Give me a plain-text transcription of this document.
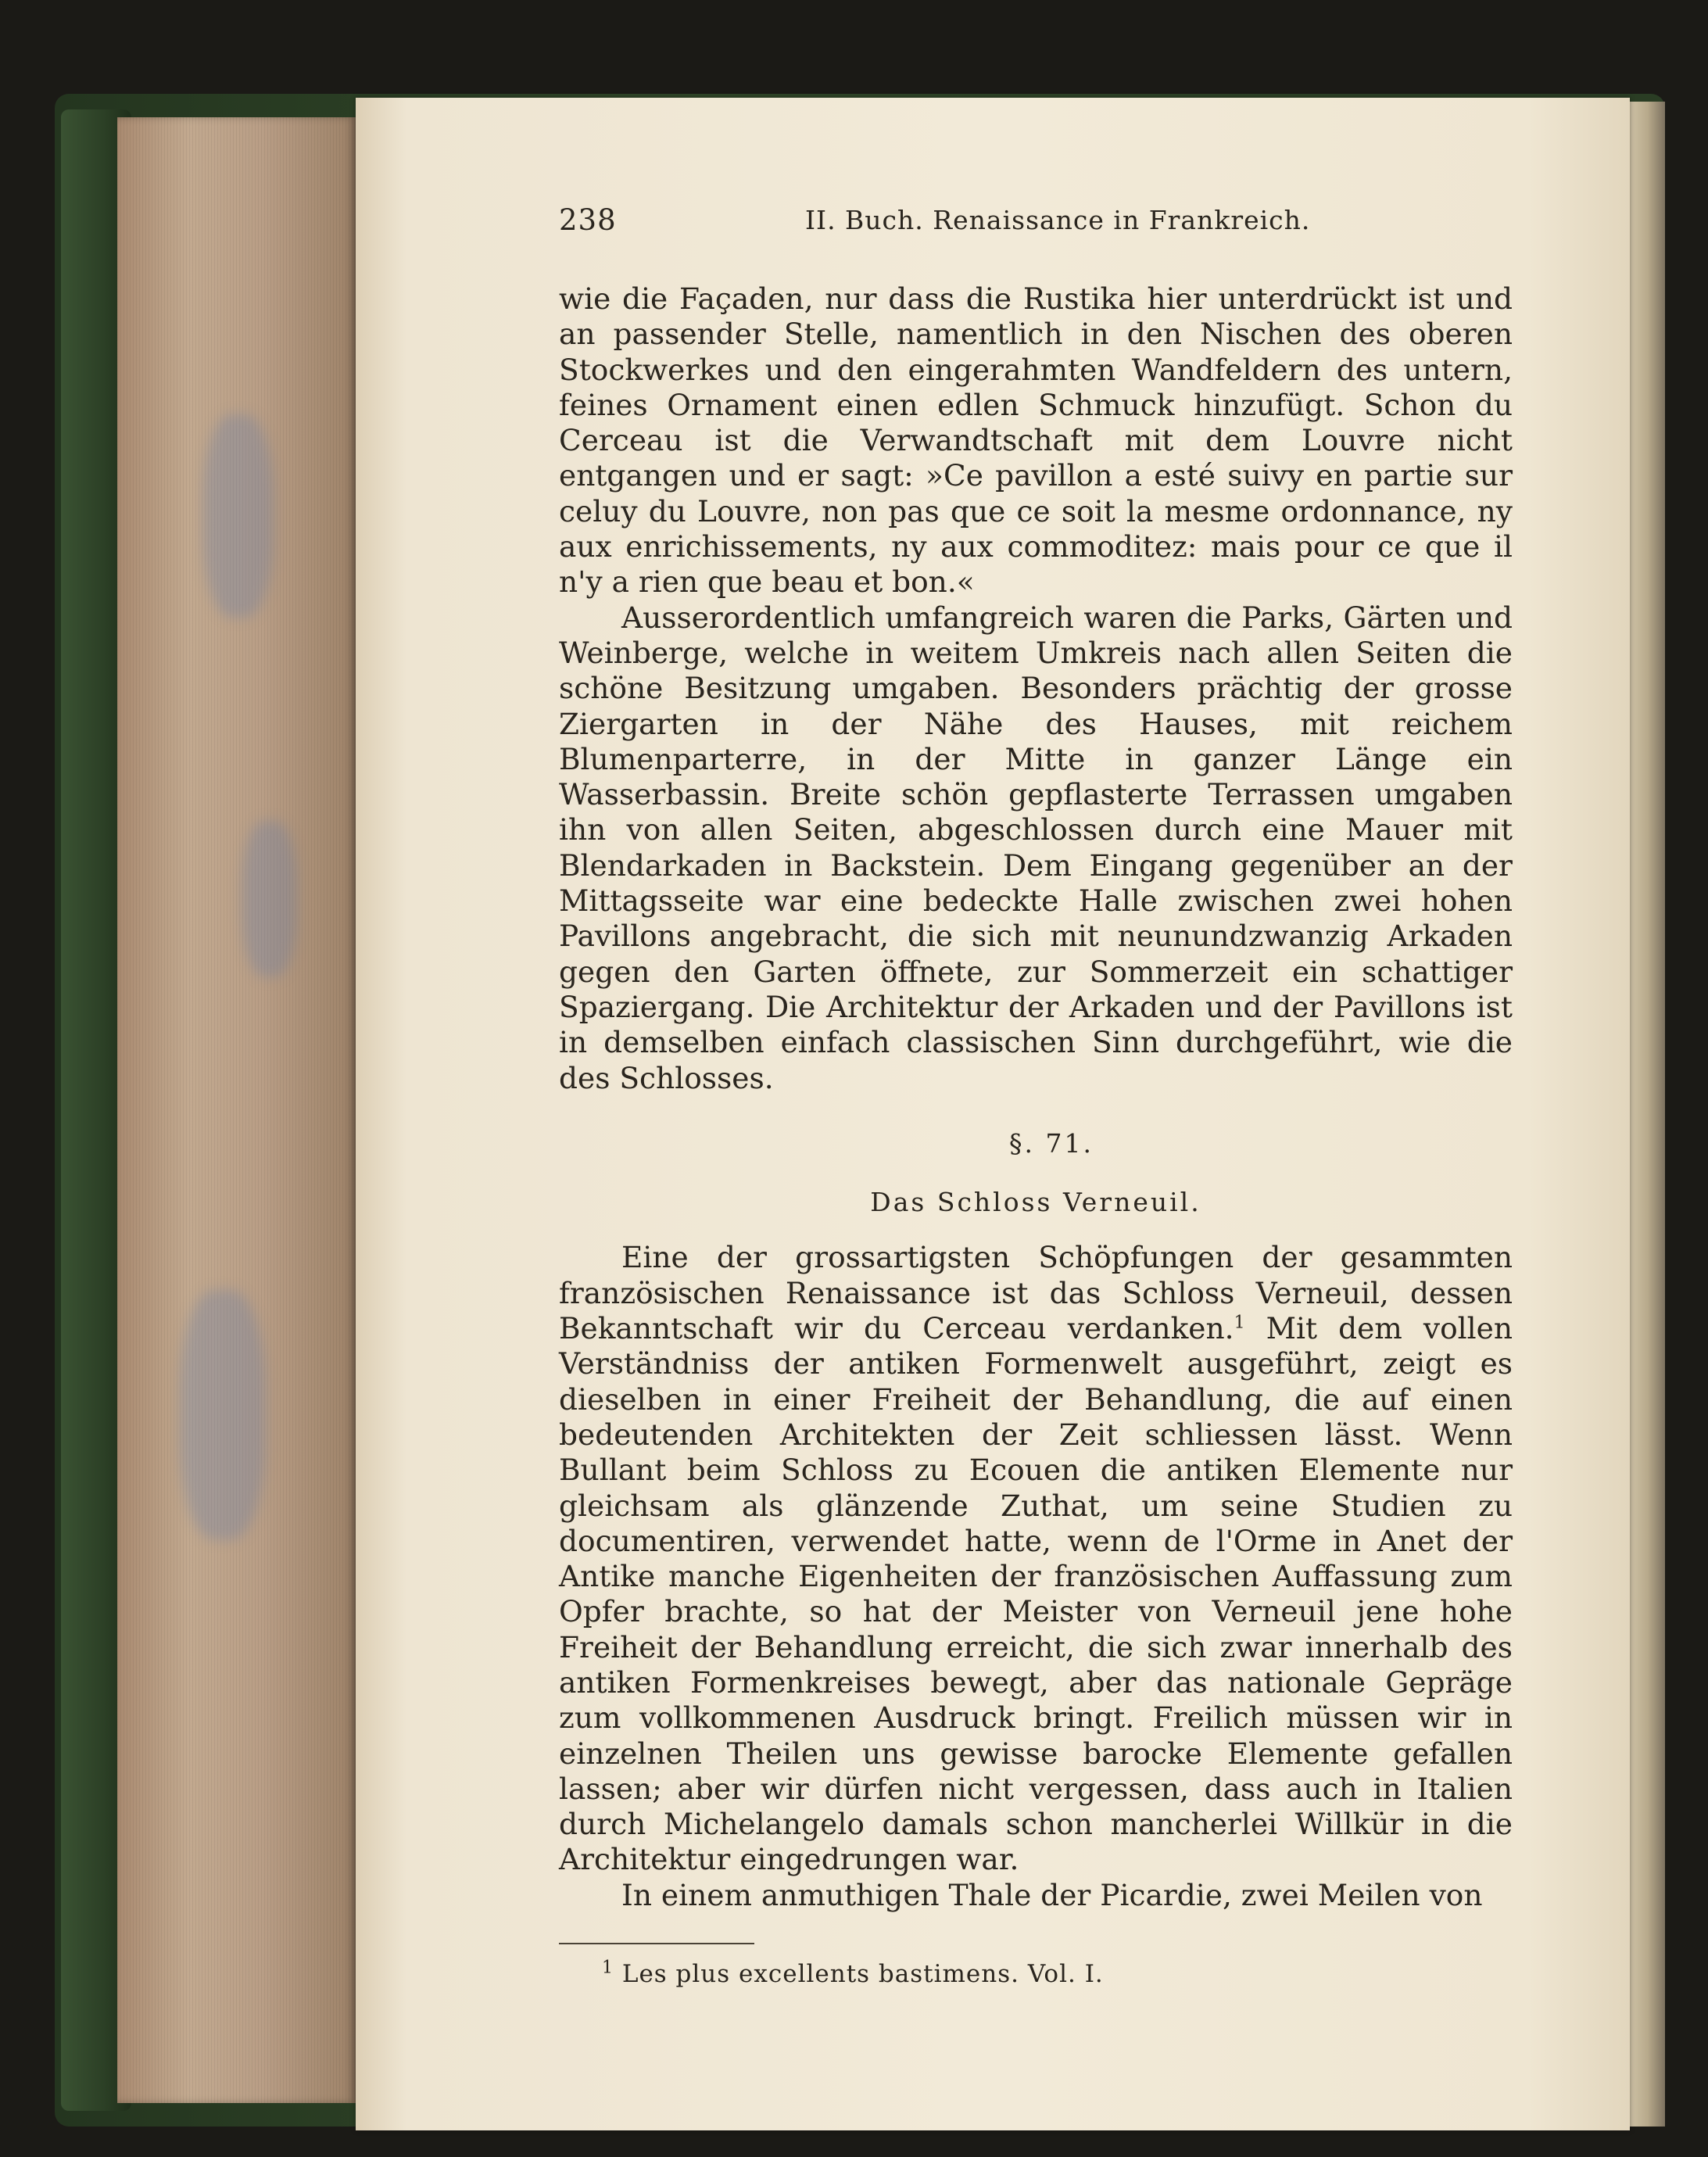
238	II. Buch. Renaissance in Frankreich.

wie die Façaden, nur dass die Rustika hier unterdrückt ist und an passender Stelle, namentlich in den Nischen des oberen Stockwerkes und den eingerahmten Wandfeldern des untern, feines Ornament einen edlen Schmuck hinzufügt. Schon du Cerceau ist die Verwandtschaft mit dem Louvre nicht entgangen und er sagt: »Ce pavillon a esté suivy en partie sur celuy du Louvre, non pas que ce soit la mesme ordonnance, ny aux enrichissements, ny aux commoditez: mais pour ce que il n'y a rien que beau et bon.«

Ausserordentlich umfangreich waren die Parks, Gärten und Weinberge, welche in weitem Umkreis nach allen Seiten die schöne Besitzung umgaben. Besonders prächtig der grosse Ziergarten in der Nähe des Hauses, mit reichem Blumenparterre, in der Mitte in ganzer Länge ein Wasserbassin. Breite schön gepflasterte Terrassen umgaben ihn von allen Seiten, abgeschlossen durch eine Mauer mit Blendarkaden in Backstein. Dem Eingang gegenüber an der Mittagsseite war eine bedeckte Halle zwischen zwei hohen Pavillons angebracht, die sich mit neunundzwanzig Arkaden gegen den Garten öffnete, zur Sommerzeit ein schattiger Spaziergang. Die Architektur der Arkaden und der Pavillons ist in demselben einfach classischen Sinn durchgeführt, wie die des Schlosses.

§. 71.
Das Schloss Verneuil.

Eine der grossartigsten Schöpfungen der gesammten französischen Renaissance ist das Schloss Verneuil, dessen Bekanntschaft wir du Cerceau verdanken.$^1$ Mit dem vollen Verständniss der antiken Formenwelt ausgeführt, zeigt es dieselben in einer Freiheit der Behandlung, die auf einen bedeutenden Architekten der Zeit schliessen lässt. Wenn Bullant beim Schloss zu Ecouen die antiken Elemente nur gleichsam als glänzende Zuthat, um seine Studien zu documentiren, verwendet hatte, wenn de l'Orme in Anet der Antike manche Eigenheiten der französischen Auffassung zum Opfer brachte, so hat der Meister von Verneuil jene hohe Freiheit der Behandlung erreicht, die sich zwar innerhalb des antiken Formenkreises bewegt, aber das nationale Gepräge zum vollkommenen Ausdruck bringt. Freilich müssen wir in einzelnen Theilen uns gewisse barocke Elemente gefallen lassen; aber wir dürfen nicht vergessen, dass auch in Italien durch Michelangelo damals schon mancherlei Willkür in die Architektur eingedrungen war.

In einem anmuthigen Thale der Picardie, zwei Meilen von

$^1$ Les plus excellents bastimens. Vol. I.
